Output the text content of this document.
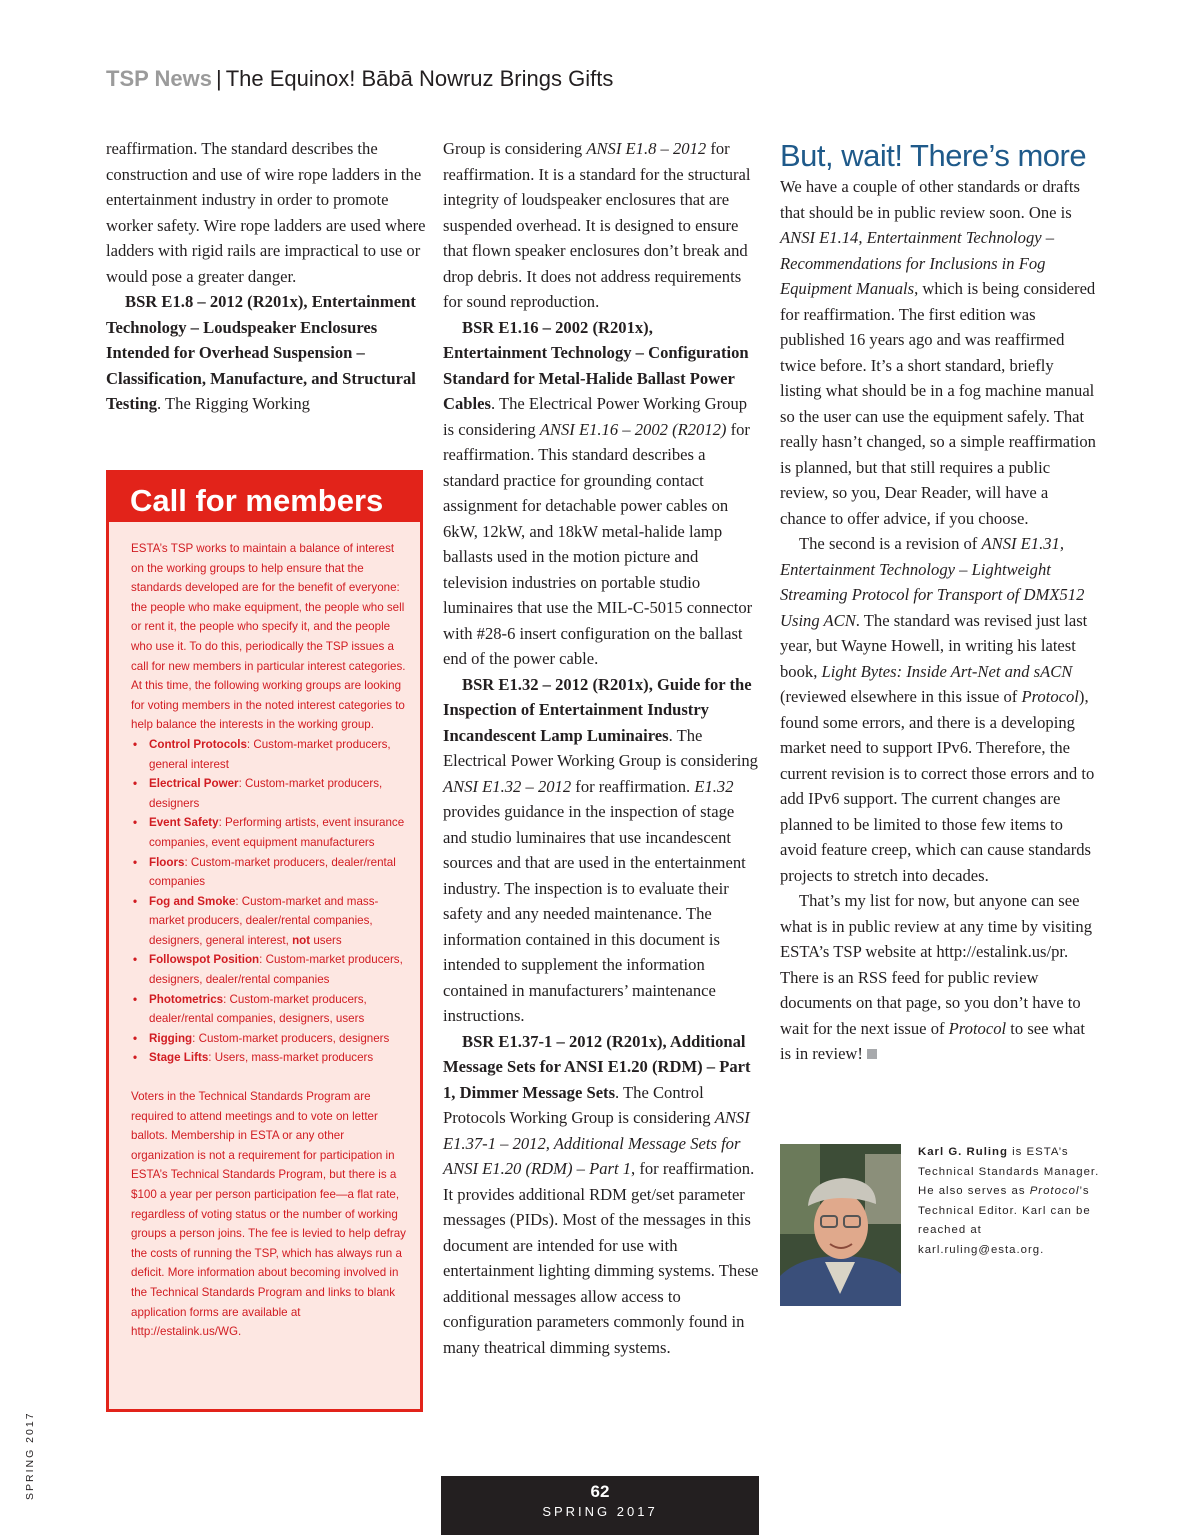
TSP News | The Equinox! Bābā Nowruz Brings Gifts

reaffirmation. The standard describes the construction and use of wire rope ladders in the entertainment industry in order to promote worker safety. Wire rope ladders are used where ladders with rigid rails are impractical to use or would pose a greater danger.

BSR E1.8 – 2012 (R201x), Entertainment Technology – Loudspeaker Enclosures Intended for Overhead Suspension – Classification, Manufacture, and Structural Testing. The Rigging Working

Call for members

ESTA’s TSP works to maintain a balance of interest on the working groups to help ensure that the standards developed are for the benefit of everyone: the people who make equipment, the people who sell or rent it, the people who specify it, and the people who use it. To do this, periodically the TSP issues a call for new members in particular interest categories. At this time, the following working groups are looking for voting members in the noted interest categories to help balance the interests in the working group.

• Control Protocols: Custom-market producers, general interest
• Electrical Power: Custom-market producers, designers
• Event Safety: Performing artists, event insurance companies, event equipment manufacturers
• Floors: Custom-market producers, dealer/rental companies
• Fog and Smoke: Custom-market and mass-market producers, dealer/rental companies, designers, general interest, not users
• Followspot Position: Custom-market producers, designers, dealer/rental companies
• Photometrics: Custom-market producers, dealer/rental companies, designers, users
• Rigging: Custom-market producers, designers
• Stage Lifts: Users, mass-market producers

Voters in the Technical Standards Program are required to attend meetings and to vote on letter ballots. Membership in ESTA or any other organization is not a requirement for participation in ESTA’s Technical Standards Program, but there is a $100 a year per person participation fee—a flat rate, regardless of voting status or the number of working groups a person joins. The fee is levied to help defray the costs of running the TSP, which has always run a deficit. More information about becoming involved in the Technical Standards Program and links to blank application forms are available at http://estalink.us/WG.

Group is considering ANSI E1.8 – 2012 for reaffirmation. It is a standard for the structural integrity of loudspeaker enclosures that are suspended overhead. It is designed to ensure that flown speaker enclosures don’t break and drop debris. It does not address requirements for sound reproduction.

BSR E1.16 – 2002 (R201x), Entertainment Technology – Configuration Standard for Metal-Halide Ballast Power Cables. The Electrical Power Working Group is considering ANSI E1.16 – 2002 (R2012) for reaffirmation. This standard describes a standard practice for grounding contact assignment for detachable power cables on 6kW, 12kW, and 18kW metal-halide lamp ballasts used in the motion picture and television industries on portable studio luminaires that use the MIL-C-5015 connector with #28-6 insert configuration on the ballast end of the power cable.

BSR E1.32 – 2012 (R201x), Guide for the Inspection of Entertainment Industry Incandescent Lamp Luminaires. The Electrical Power Working Group is considering ANSI E1.32 – 2012 for reaffirmation. E1.32 provides guidance in the inspection of stage and studio luminaires that use incandescent sources and that are used in the entertainment industry. The inspection is to evaluate their safety and any needed maintenance. The information contained in this document is intended to supplement the information contained in manufacturers’ maintenance instructions.

BSR E1.37-1 – 2012 (R201x), Additional Message Sets for ANSI E1.20 (RDM) – Part 1, Dimmer Message Sets. The Control Protocols Working Group is considering ANSI E1.37-1 – 2012, Additional Message Sets for ANSI E1.20 (RDM) – Part 1, for reaffirmation. It provides additional RDM get/set parameter messages (PIDs). Most of the messages in this document are intended for use with entertainment lighting dimming systems. These additional messages allow access to configuration parameters commonly found in many theatrical dimming systems.

But, wait! There’s more

We have a couple of other standards or drafts that should be in public review soon. One is ANSI E1.14, Entertainment Technology – Recommendations for Inclusions in Fog Equipment Manuals, which is being considered for reaffirmation. The first edition was published 16 years ago and was reaffirmed twice before. It’s a short standard, briefly listing what should be in a fog machine manual so the user can use the equipment safely. That really hasn’t changed, so a simple reaffirmation is planned, but that still requires a public review, so you, Dear Reader, will have a chance to offer advice, if you choose.

The second is a revision of ANSI E1.31, Entertainment Technology – Lightweight Streaming Protocol for Transport of DMX512 Using ACN. The standard was revised just last year, but Wayne Howell, in writing his latest book, Light Bytes: Inside Art-Net and sACN (reviewed elsewhere in this issue of Protocol), found some errors, and there is a developing market need to support IPv6. Therefore, the current revision is to correct those errors and to add IPv6 support. The current changes are planned to be limited to those few items to avoid feature creep, which can cause standards projects to stretch into decades.

That’s my list for now, but anyone can see what is in public review at any time by visiting ESTA’s TSP website at http://estalink.us/pr. There is an RSS feed for public review documents on that page, so you don’t have to wait for the next issue of Protocol to see what is in review!

Karl G. Ruling is ESTA’s Technical Standards Manager. He also serves as Protocol’s Technical Editor. Karl can be reached at karl.ruling@esta.org.
SPRING 2017	62
SPRING 2017
